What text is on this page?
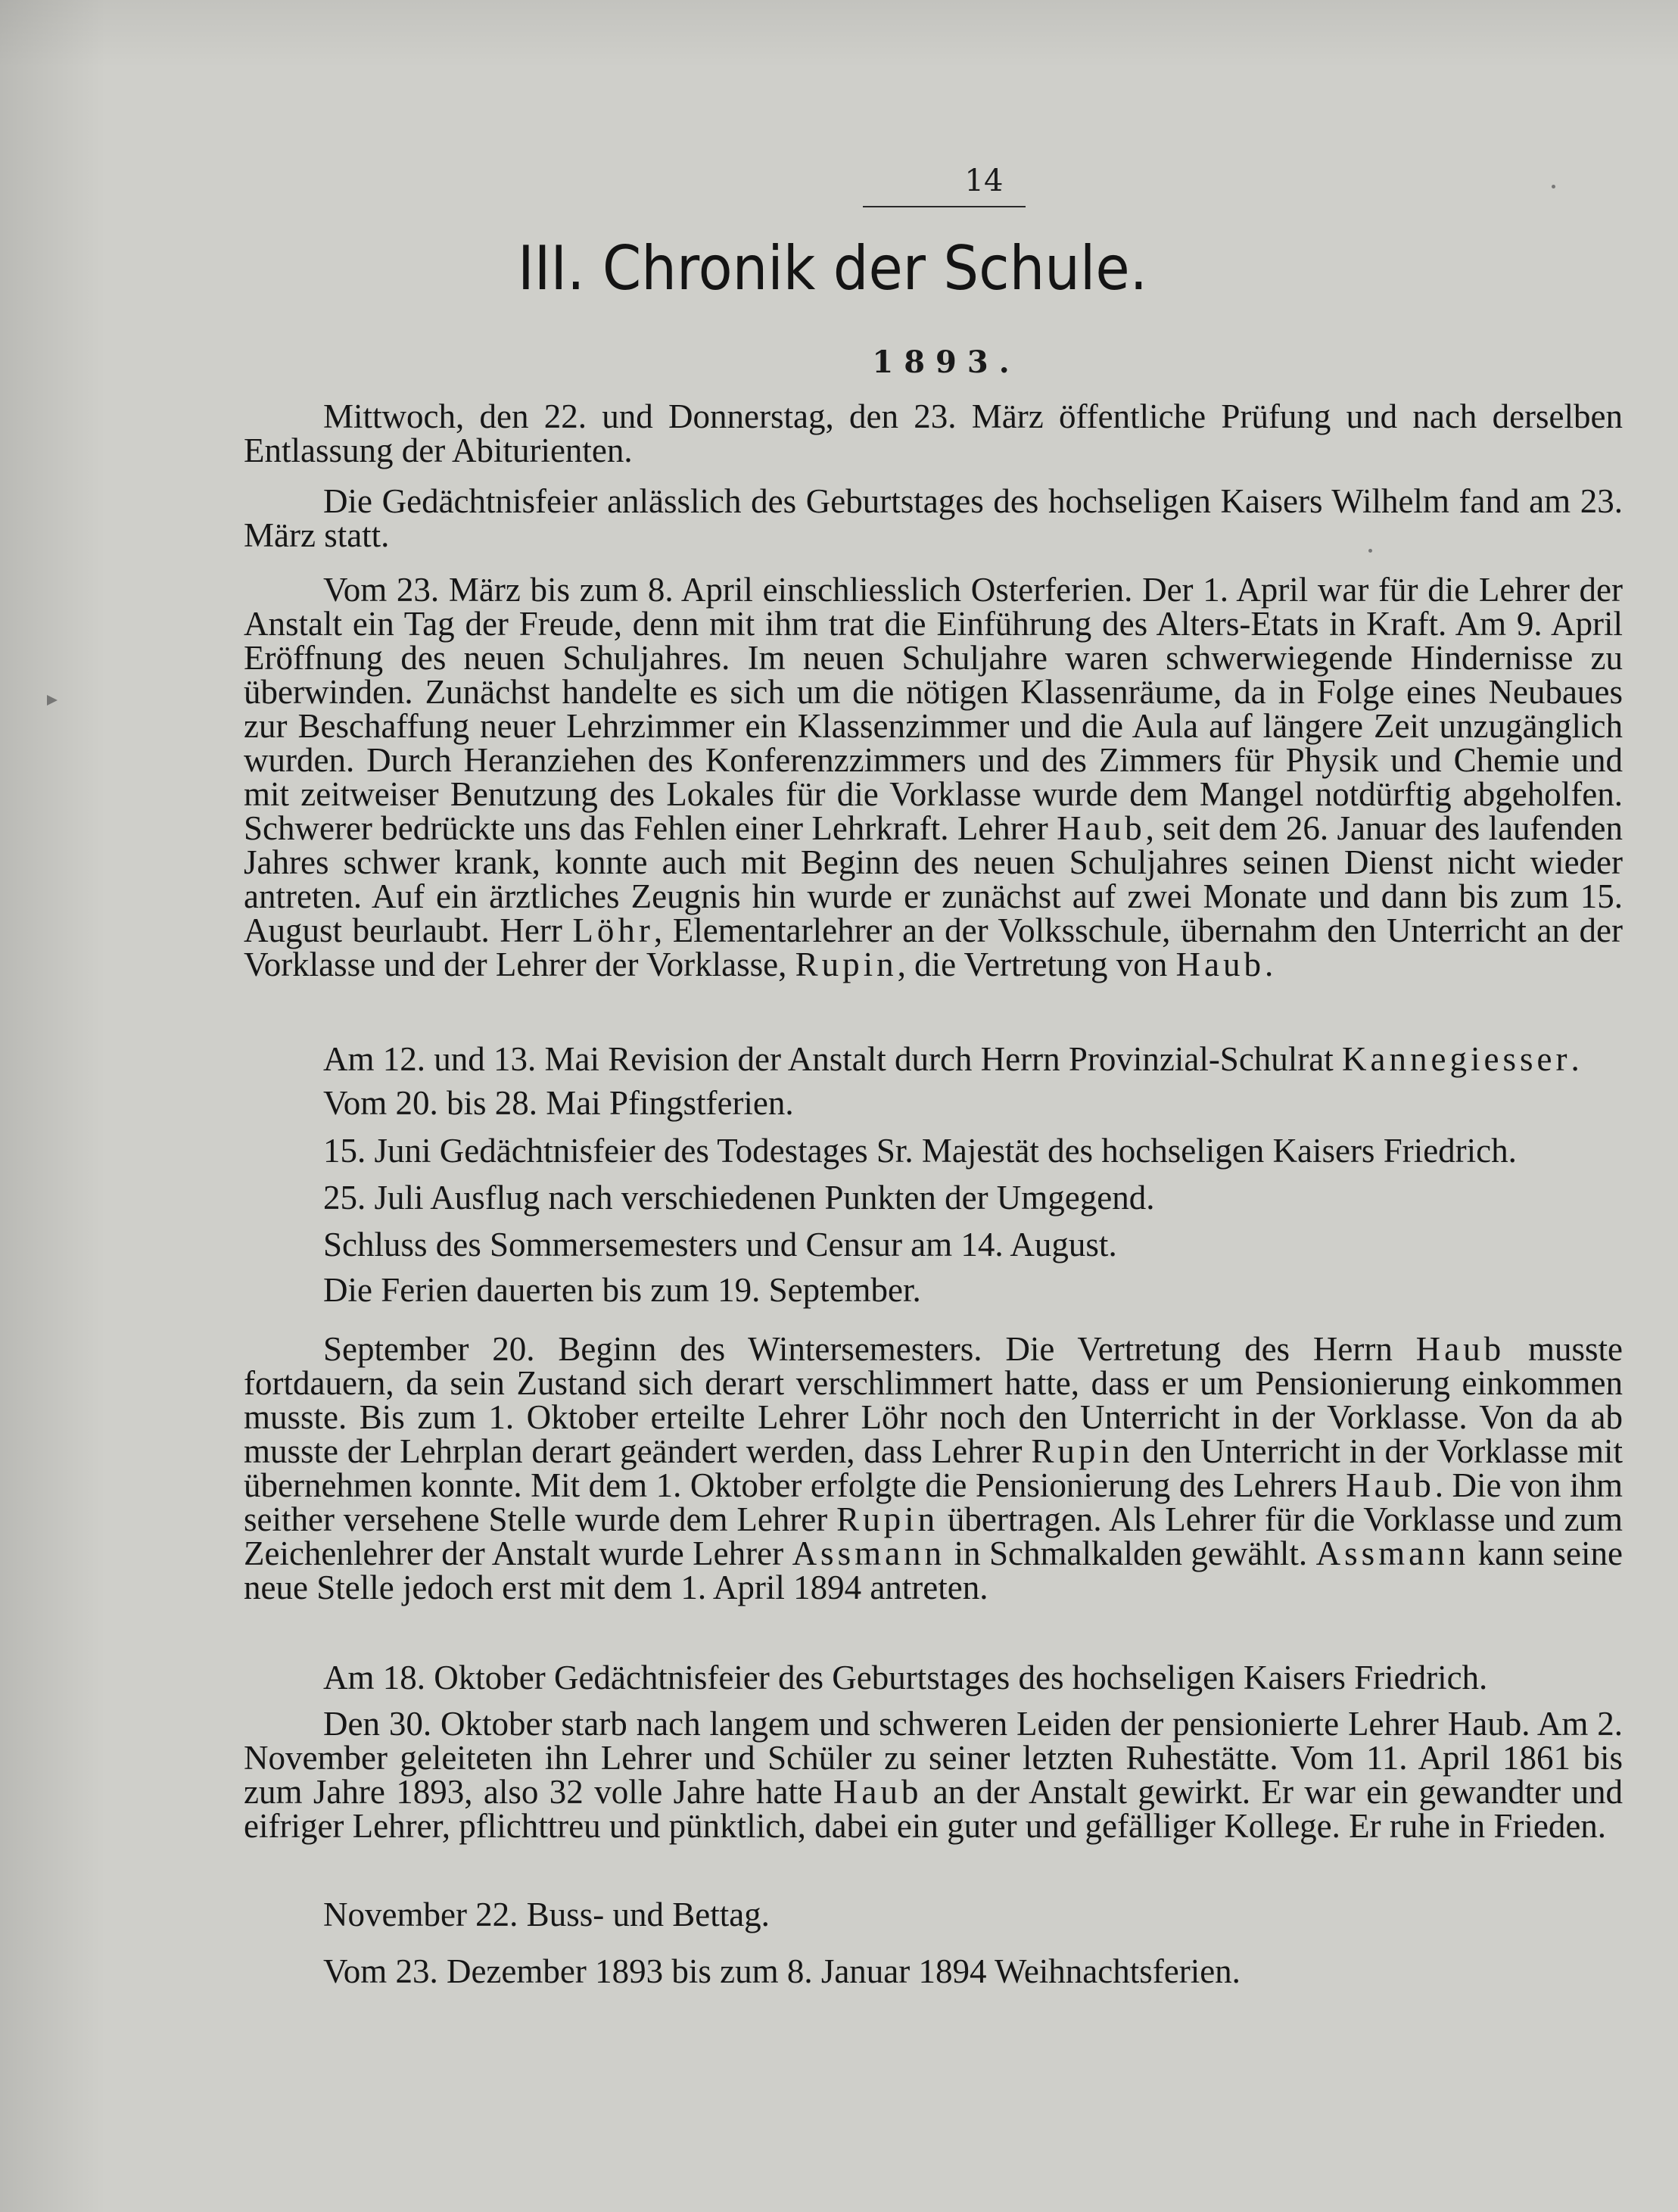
14

III. Chronik der Schule.

1893.

Mittwoch, den 22. und Donnerstag, den 23. März öffentliche Prüfung und nach derselben Entlassung der Abiturienten.

Die Gedächtnisfeier anlässlich des Geburtstages des hochseligen Kaisers Wilhelm fand am 23. März statt.

Vom 23. März bis zum 8. April einschliesslich Osterferien. Der 1. April war für die Lehrer der Anstalt ein Tag der Freude, denn mit ihm trat die Einführung des Alters-Etats in Kraft. Am 9. April Eröffnung des neuen Schuljahres. Im neuen Schuljahre waren schwerwiegende Hindernisse zu überwinden. Zunächst handelte es sich um die nötigen Klassenräume, da in Folge eines Neubaues zur Beschaffung neuer Lehrzimmer ein Klassenzimmer und die Aula auf längere Zeit unzugänglich wurden. Durch Heranziehen des Konferenzzimmers und des Zimmers für Physik und Chemie und mit zeitweiser Benutzung des Lokales für die Vorklasse wurde dem Mangel notdürftig abgeholfen. Schwerer bedrückte uns das Fehlen einer Lehrkraft. Lehrer Haub, seit dem 26. Januar des laufenden Jahres schwer krank, konnte auch mit Beginn des neuen Schuljahres seinen Dienst nicht wieder antreten. Auf ein ärztliches Zeugnis hin wurde er zunächst auf zwei Monate und dann bis zum 15. August beurlaubt. Herr Löhr, Elementarlehrer an der Volksschule, übernahm den Unterricht an der Vorklasse und der Lehrer der Vorklasse, Rupin, die Vertretung von Haub.

Am 12. und 13. Mai Revision der Anstalt durch Herrn Provinzial-Schulrat Kannegiesser.

Vom 20. bis 28. Mai Pfingstferien.

15. Juni Gedächtnisfeier des Todestages Sr. Majestät des hochseligen Kaisers Friedrich.

25. Juli Ausflug nach verschiedenen Punkten der Umgegend.

Schluss des Sommersemesters und Censur am 14. August.

Die Ferien dauerten bis zum 19. September.

September 20. Beginn des Wintersemesters. Die Vertretung des Herrn Haub musste fortdauern, da sein Zustand sich derart verschlimmert hatte, dass er um Pensionierung einkommen musste. Bis zum 1. Oktober erteilte Lehrer Löhr noch den Unterricht in der Vorklasse. Von da ab musste der Lehrplan derart geändert werden, dass Lehrer Rupin den Unterricht in der Vorklasse mit übernehmen konnte. Mit dem 1. Oktober erfolgte die Pensionierung des Lehrers Haub. Die von ihm seither versehene Stelle wurde dem Lehrer Rupin übertragen. Als Lehrer für die Vorklasse und zum Zeichenlehrer der Anstalt wurde Lehrer Assmann in Schmalkalden gewählt. Assmann kann seine neue Stelle jedoch erst mit dem 1. April 1894 antreten.

Am 18. Oktober Gedächtnisfeier des Geburtstages des hochseligen Kaisers Friedrich.

Den 30. Oktober starb nach langem und schweren Leiden der pensionierte Lehrer Haub. Am 2. November geleiteten ihn Lehrer und Schüler zu seiner letzten Ruhestätte. Vom 11. April 1861 bis zum Jahre 1893, also 32 volle Jahre hatte Haub an der Anstalt gewirkt. Er war ein gewandter und eifriger Lehrer, pflichttreu und pünktlich, dabei ein guter und gefälliger Kollege. Er ruhe in Frieden.

November 22. Buss- und Bettag.

Vom 23. Dezember 1893 bis zum 8. Januar 1894 Weihnachtsferien.
